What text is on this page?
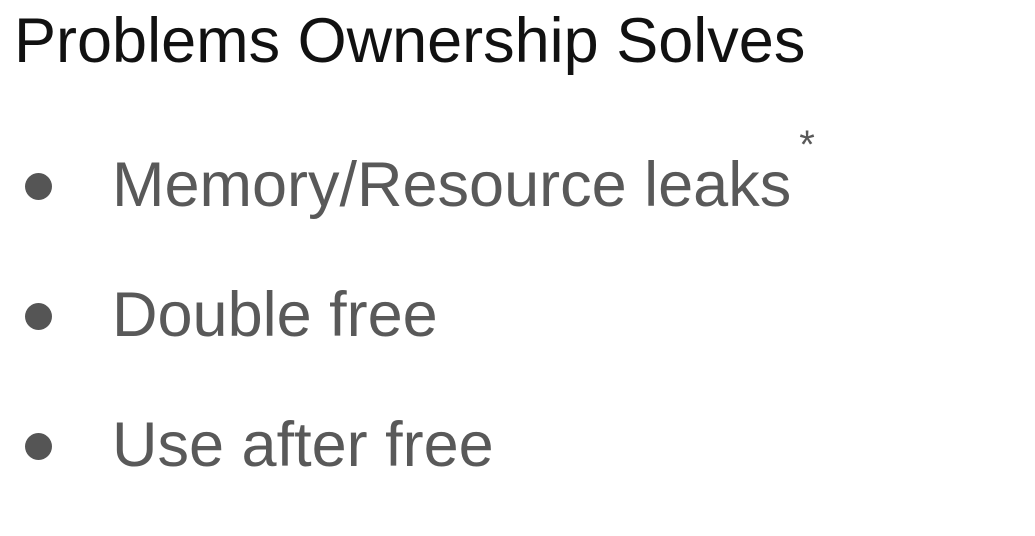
Problems Ownership Solves
Memory/Resource leaks*
Double free
Use after free
